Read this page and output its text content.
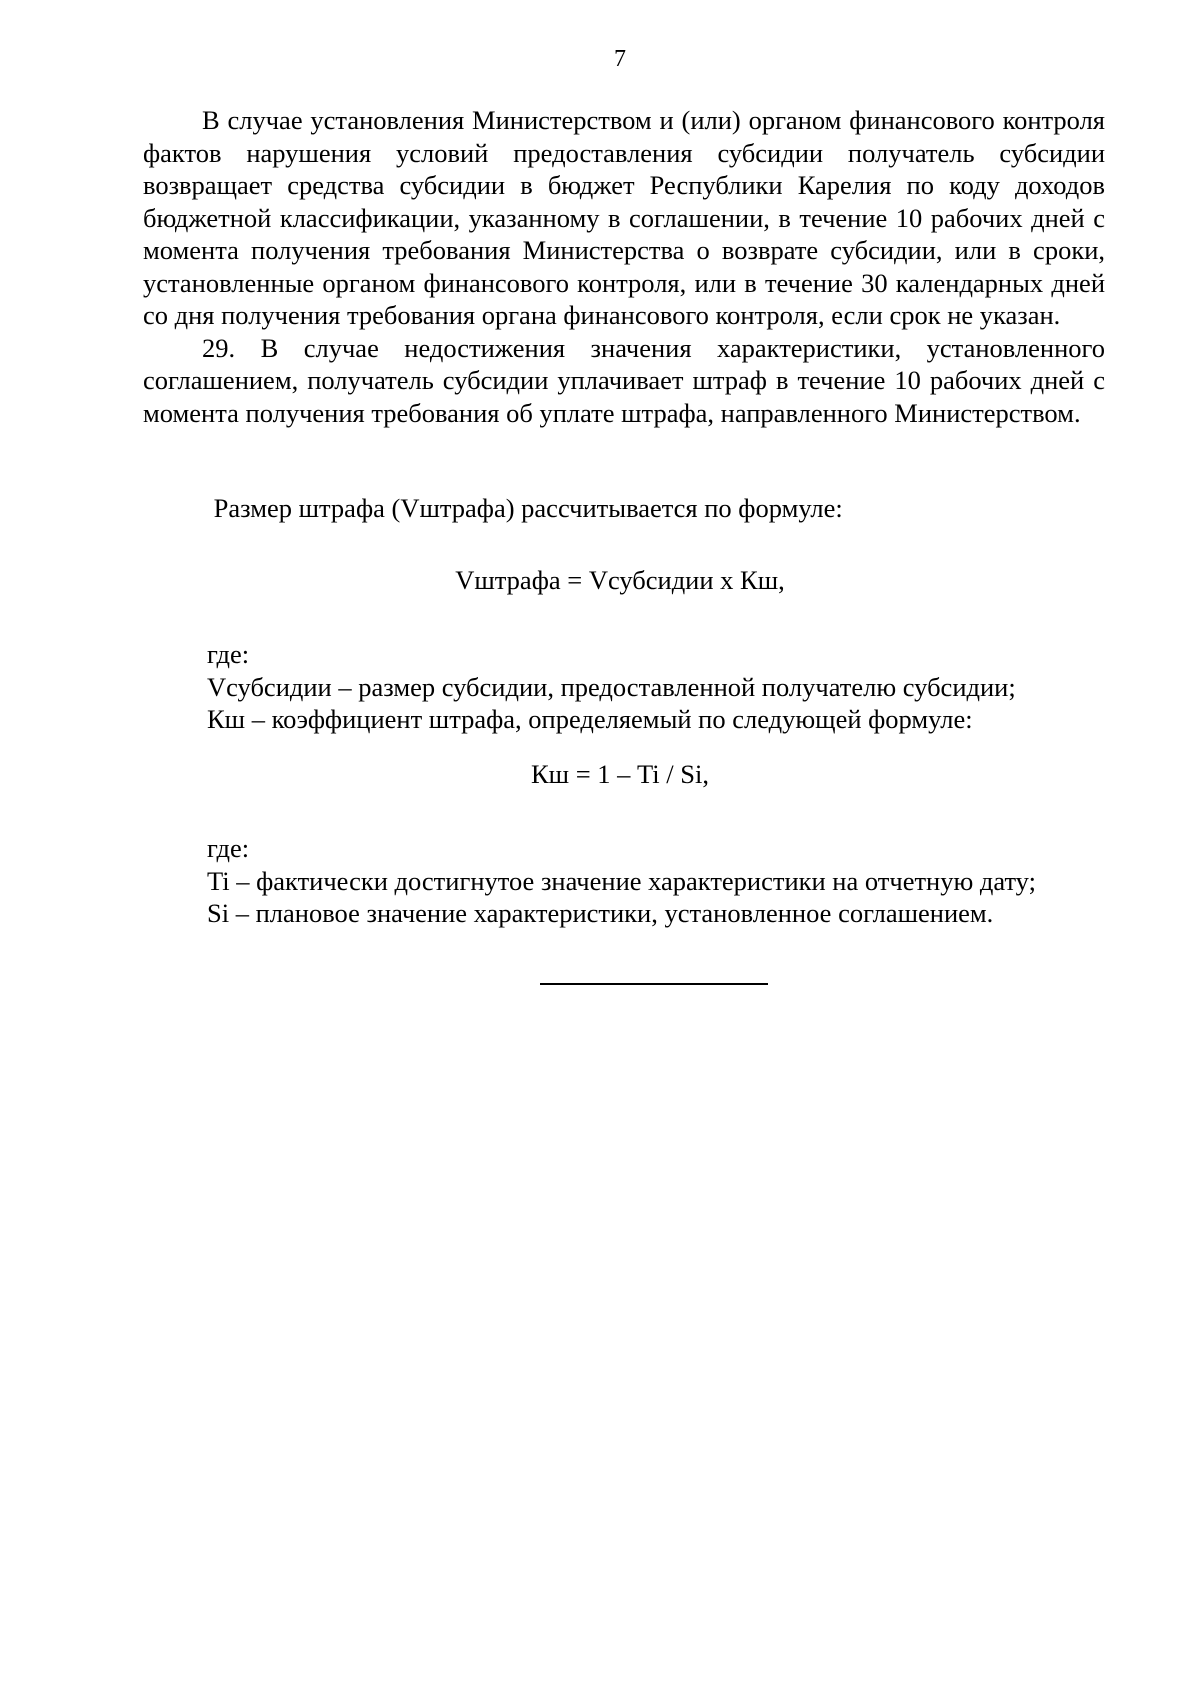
7

В случае установления Министерством и (или) органом финансового контроля фактов нарушения условий предоставления субсидии получатель субсидии возвращает средства субсидии в бюджет Республики Карелия по коду доходов бюджетной классификации, указанному в соглашении, в течение 10 рабочих дней с момента получения требования Министерства о возврате субсидии, или в сроки, установленные органом финансового контроля, или в течение 30 календарных дней со дня получения требования органа финансового контроля, если срок не указан.

29. В случае недостижения значения характеристики, установленного соглашением, получатель субсидии уплачивает штраф в течение 10 рабочих дней с момента получения требования об уплате штрафа, направленного Министерством.

Размер штрафа (Vштрафа) рассчитывается по формуле:
Vштрафа = Vсубсидии х Кш,
где:
Vсубсидии – размер субсидии, предоставленной получателю субсидии;
Кш – коэффициент штрафа, определяемый по следующей формуле:
Кш = 1 – Ti / Si,
где:
Ti – фактически достигнутое значение характеристики на отчетную дату;
Si – плановое значение характеристики, установленное соглашением.
